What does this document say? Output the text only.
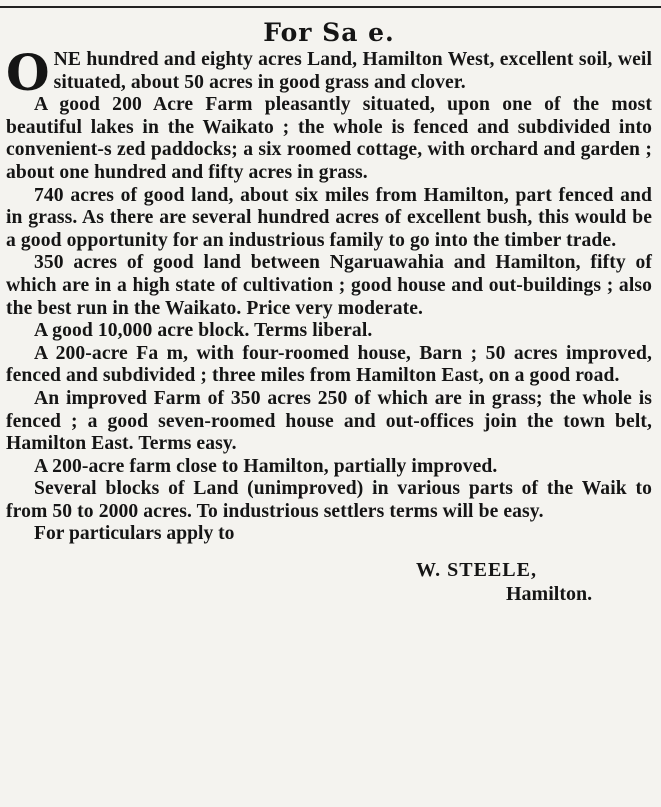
For Sa e.

ONE hundred and eighty acres Land, Hamilton West, excellent soil, weil situated, about 50 acres in good grass and clover.

A good 200 Acre Farm pleasantly situated, upon one of the most beautiful lakes in the Waikato ; the whole is fenced and subdivided into convenient-s zed paddocks; a six roomed cottage, with orchard and garden ; about one hundred and fifty acres in grass.

740 acres of good land, about six miles from Hamilton, part fenced and in grass. As there are several hundred acres of excellent bush, this would be a good opportunity for an industrious family to go into the timber trade.

350 acres of good land between Ngaruawahia and Hamilton, fifty of which are in a high state of cultivation ; good house and out-buildings ; also the best run in the Waikato. Price very moderate.

A good 10,000 acre block. Terms liberal.

A 200-acre Fa m, with four-roomed house, Barn ; 50 acres improved, fenced and subdivided ; three miles from Hamilton East, on a good road.

An improved Farm of 350 acres 250 of which are in grass; the whole is fenced ; a good seven-roomed house and out-offices join the town belt, Hamilton East. Terms easy.

A 200-acre farm close to Hamilton, partially improved.

Several blocks of Land (unimproved) in various parts of the Waik to from 50 to 2000 acres. To industrious settlers terms will be easy.

For particulars apply to

W. STEELE,

Hamilton.
